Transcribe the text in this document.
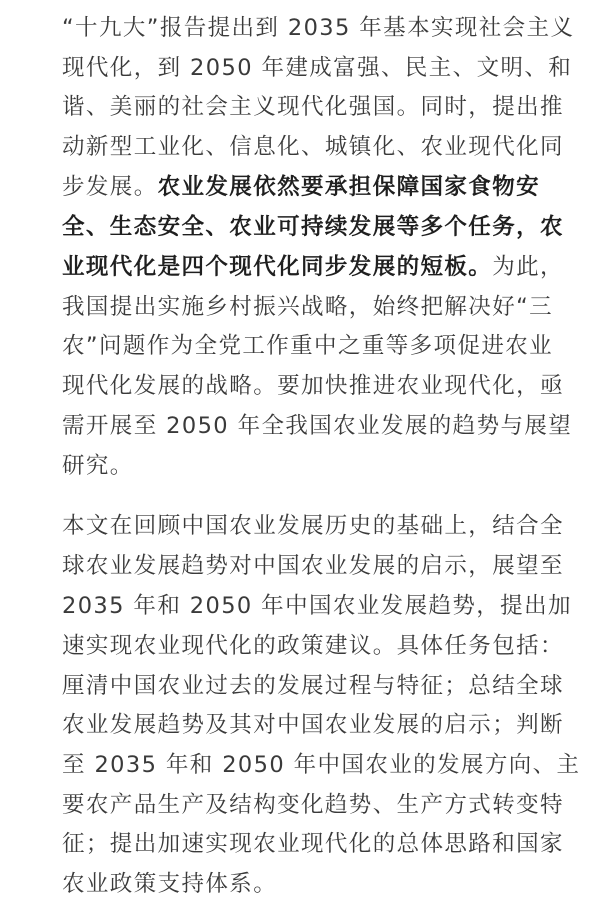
“十九大”报告提出到 2035 年基本实现社会主义
现代化，到 2050 年建成富强、民主、文明、和
谐、美丽的社会主义现代化强国。同时，提出推
动新型工业化、信息化、城镇化、农业现代化同
步发展。农业发展依然要承担保障国家食物安
全、生态安全、农业可持续发展等多个任务，农
业现代化是四个现代化同步发展的短板。为此，
我国提出实施乡村振兴战略，始终把解决好“三
农”问题作为全党工作重中之重等多项促进农业
现代化发展的战略。要加快推进农业现代化，亟
需开展至 2050 年全我国农业发展的趋势与展望
研究。
本文在回顾中国农业发展历史的基础上，结合全
球农业发展趋势对中国农业发展的启示，展望至
2035 年和 2050 年中国农业发展趋势，提出加
速实现农业现代化的政策建议。具体任务包括：
厘清中国农业过去的发展过程与特征；总结全球
农业发展趋势及其对中国农业发展的启示；判断
至 2035 年和 2050 年中国农业的发展方向、主
要农产品生产及结构变化趋势、生产方式转变特
征；提出加速实现农业现代化的总体思路和国家
农业政策支持体系。
